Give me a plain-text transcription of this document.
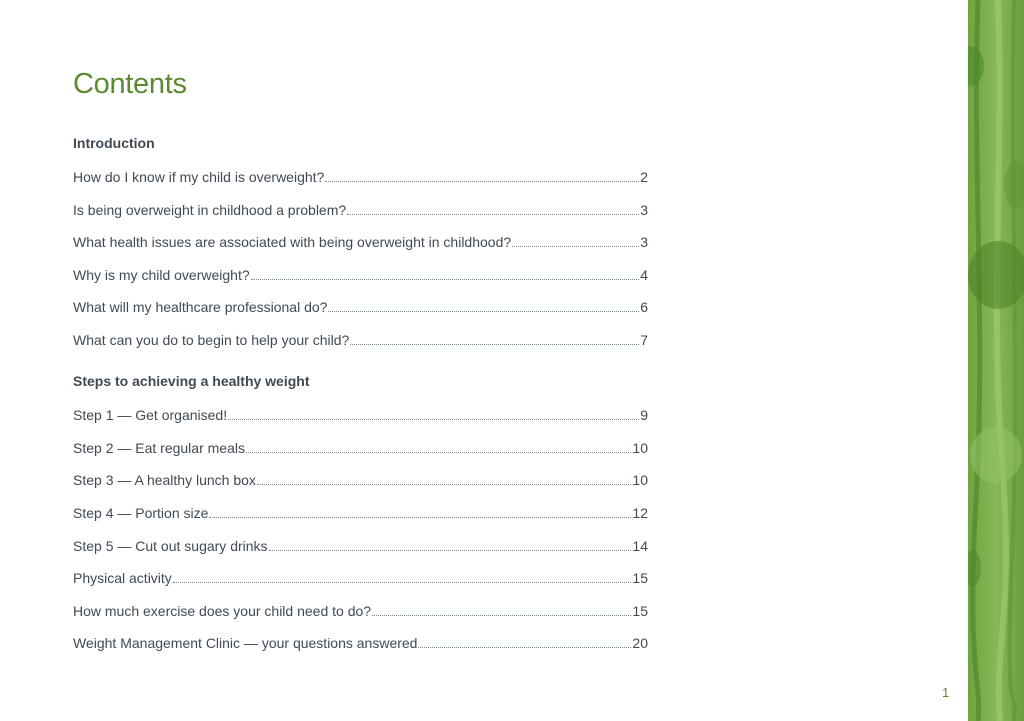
Contents
Introduction
How do I know if my child is overweight?	2
Is being overweight in childhood a problem?	3
What health issues are associated with being overweight in childhood?	3
Why is my child overweight?	4
What will my healthcare professional do?	6
What can you do to begin to help your child?	7
Steps to achieving a healthy weight
Step 1 — Get organised!	9
Step 2 — Eat regular meals	10
Step 3 — A healthy lunch box	10
Step 4 — Portion size	12
Step 5 — Cut out sugary drinks	14
Physical activity	15
How much exercise does your child need to do?	15
Weight Management Clinic — your questions answered	20
1
